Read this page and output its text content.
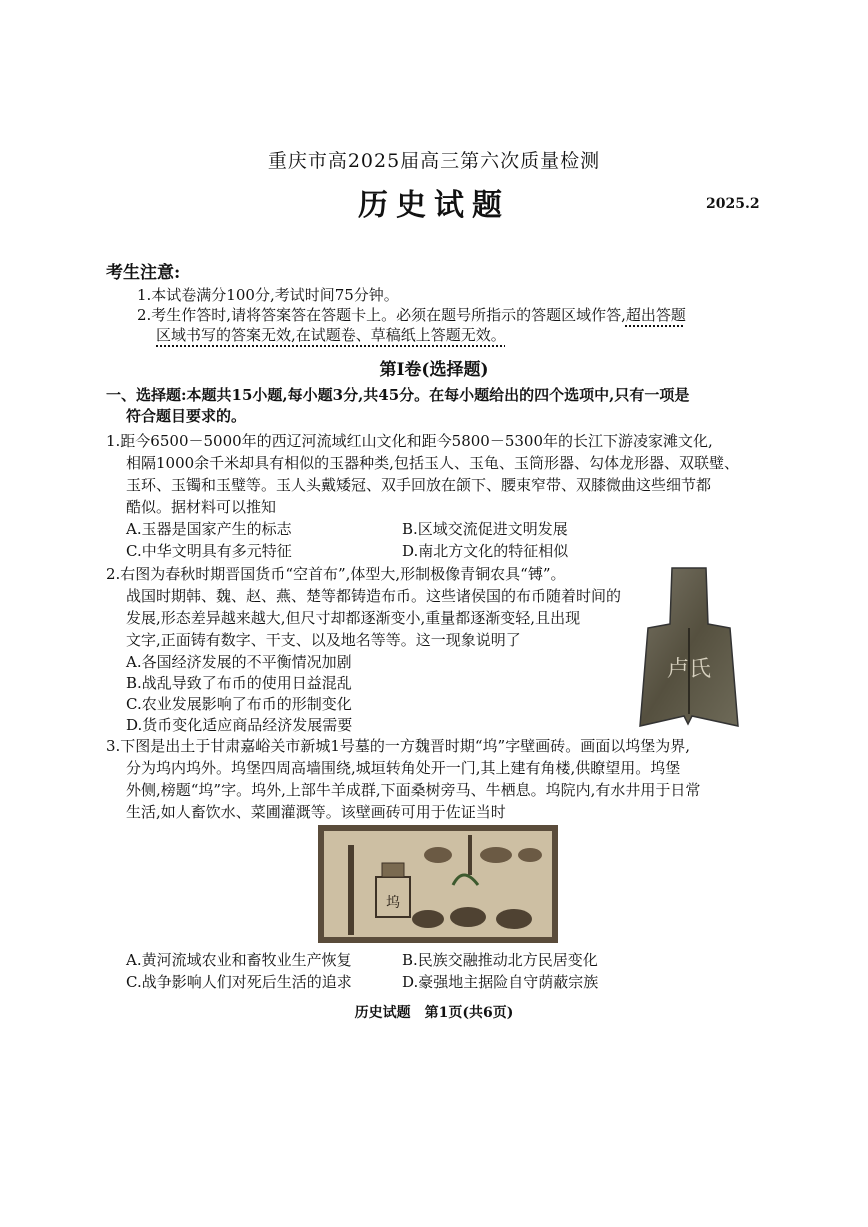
重庆市高2025届高三第六次质量检测
历史试题	2025.2
考生注意:
1.本试卷满分100分,考试时间75分钟。
2.考生作答时,请将答案答在答题卡上。必须在题号所指示的答题区域作答,超出答题
区域书写的答案无效,在试题卷、草稿纸上答题无效。
第Ⅰ卷(选择题)
一、选择题:本题共15小题,每小题3分,共45分。在每小题给出的四个选项中,只有一项是
符合题目要求的。
1.距今6500－5000年的西辽河流域红山文化和距今5800－5300年的长江下游凌家滩文化,
相隔1000余千米却具有相似的玉器种类,包括玉人、玉龟、玉筒形器、勾体龙形器、双联璧、
玉环、玉镯和玉璧等。玉人头戴矮冠、双手回放在颌下、腰束窄带、双膝微曲这些细节都
酷似。据材料可以推知
A.玉器是国家产生的标志	B.区域交流促进文明发展
C.中华文明具有多元特征	D.南北方文化的特征相似
2.右图为春秋时期晋国货币“空首布”,体型大,形制极像青铜农具“镈”。
战国时期韩、魏、赵、燕、楚等都铸造布币。这些诸侯国的布币随着时间的
发展,形态差异越来越大,但尺寸却都逐渐变小,重量都逐渐变轻,且出现
文字,正面铸有数字、干支、以及地名等等。这一现象说明了
A.各国经济发展的不平衡情况加剧
B.战乱导致了布币的使用日益混乱
C.农业发展影响了布币的形制变化
D.货币变化适应商品经济发展需要
卢氏
3.下图是出土于甘肃嘉峪关市新城1号墓的一方魏晋时期“坞”字壁画砖。画面以坞堡为界,
分为坞内坞外。坞堡四周高墙围绕,城垣转角处开一门,其上建有角楼,供瞭望用。坞堡
外侧,榜题“坞”字。坞外,上部牛羊成群,下面桑树旁马、牛栖息。坞院内,有水井用于日常
生活,如人畜饮水、菜圃灌溉等。该壁画砖可用于佐证当时
坞
A.黄河流域农业和畜牧业生产恢复	B.民族交融推动北方民居变化
C.战争影响人们对死后生活的追求	D.豪强地主据险自守荫蔽宗族
历史试题　第1页(共6页)
